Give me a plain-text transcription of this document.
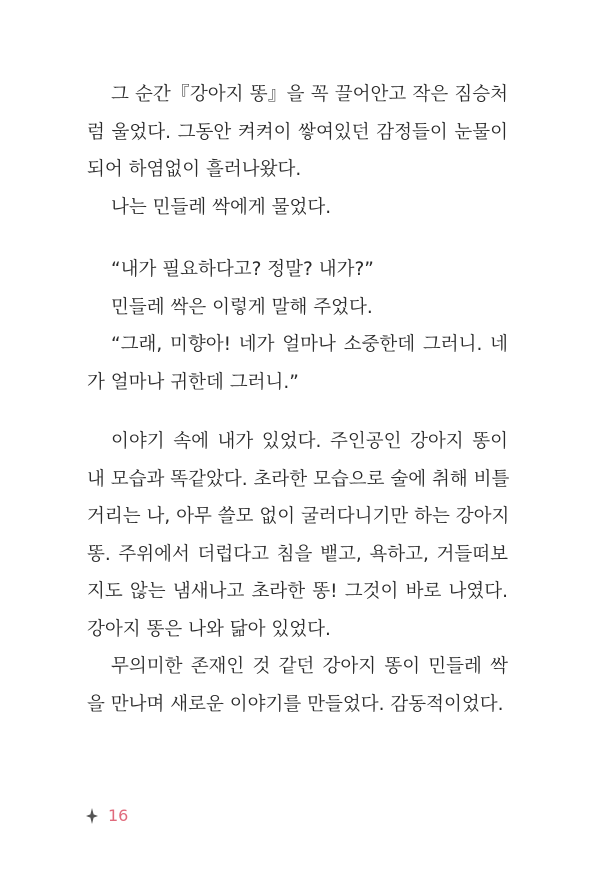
그 순간『강아지 똥』을 꼭 끌어안고 작은 짐승처
럼 울었다. 그동안 켜켜이 쌓여있던 감정들이 눈물이
되어 하염없이 흘러나왔다.
나는 민들레 싹에게 물었다.
“내가 필요하다고? 정말? 내가?”
민들레 싹은 이렇게 말해 주었다.
“그래, 미향아! 네가 얼마나 소중한데 그러니. 네
가 얼마나 귀한데 그러니.”
이야기 속에 내가 있었다. 주인공인 강아지 똥이
내 모습과 똑같았다. 초라한 모습으로 술에 취해 비틀
거리는 나, 아무 쓸모 없이 굴러다니기만 하는 강아지
똥. 주위에서 더럽다고 침을 뱉고, 욕하고, 거들떠보
지도 않는 냄새나고 초라한 똥! 그것이 바로 나였다.
강아지 똥은 나와 닮아 있었다.
무의미한 존재인 것 같던 강아지 똥이 민들레 싹
을 만나며 새로운 이야기를 만들었다. 감동적이었다.
16
